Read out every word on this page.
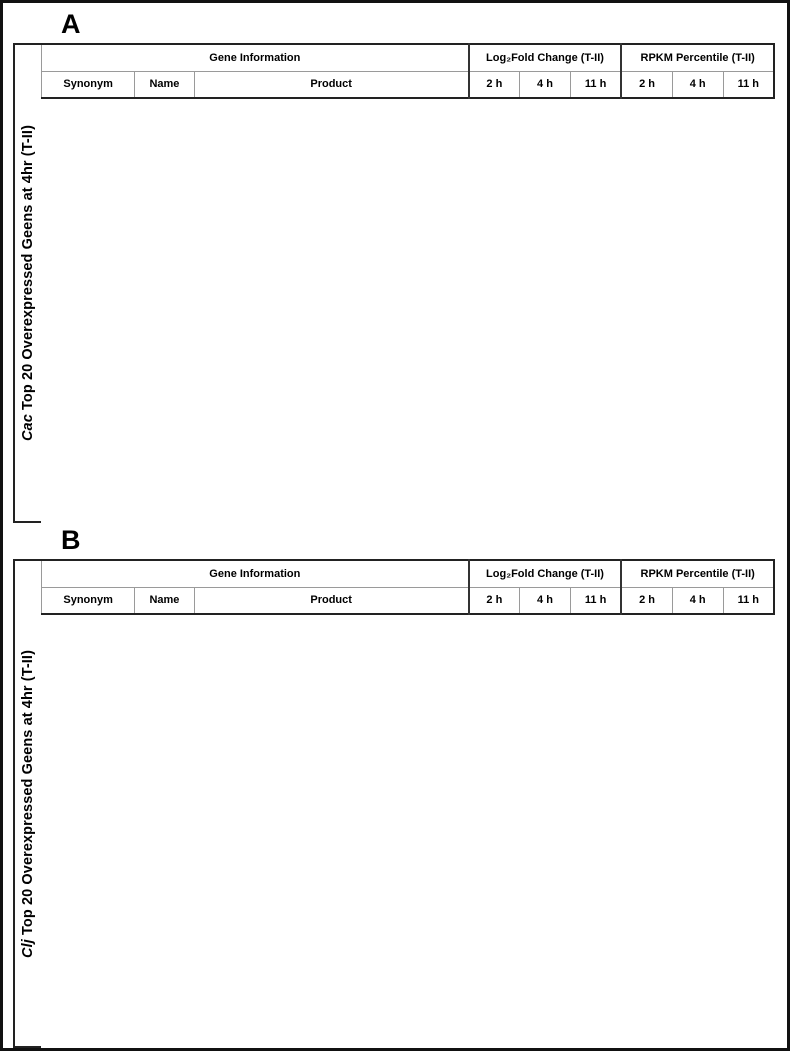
A
Cac Top 20 Overexpressed Geens at 4hr (T-II)
Gene Information			Log₂Fold Change (T-II)			RPKM Percentile (T-II)		
Synonym	Name	Product	2 h	4 h	11 h	2 h	4 h	11 h
B
Clj Top 20 Overexpressed Geens at 4hr (T-II)
Gene Information			Log₂Fold Change (T-II)			RPKM Percentile (T-II)		
Synonym	Name	Product	2 h	4 h	11 h	2 h	4 h	11 h
